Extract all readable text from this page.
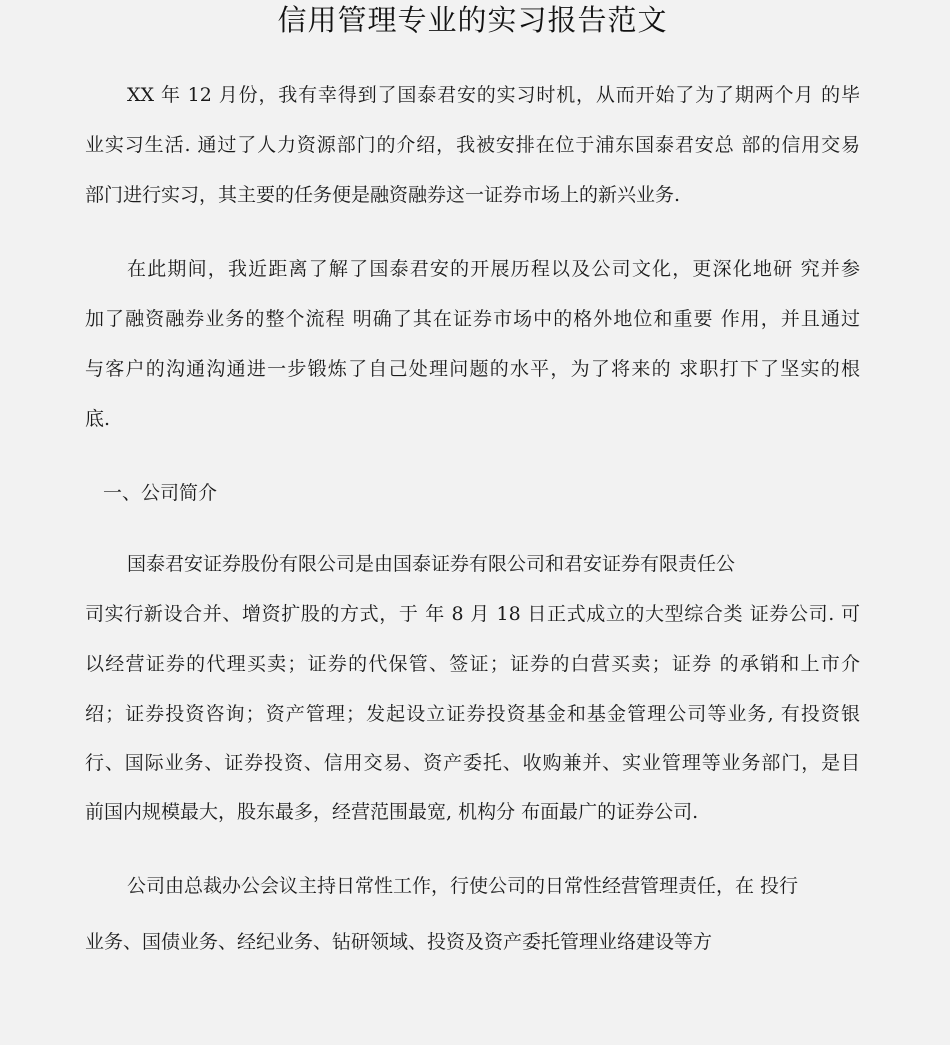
信用管理专业的实习报告范文
XX 年 12 月份，我有幸得到了国泰君安的实习时机，从而开始了为了期两个月 的毕
业实习生活. 通过了人力资源部门的介绍，我被安排在位于浦东国泰君安总 部的信用交易
部门进行实习，其主要的任务便是融资融券这一证券市场上的新兴业务.
在此期间，我近距离了解了国泰君安的开展历程以及公司文化，更深化地研 究并参
加了融资融券业务的整个流程 明确了其在证券市场中的格外地位和重要 作用，并且通过
与客户的沟通沟通进一步锻炼了自己处理问题的水平，为了将来的 求职打下了坚实的根
底.
一、公司简介
国泰君安证券股份有限公司是由国泰证券有限公司和君安证券有限责任公
司实行新设合并、增资扩股的方式，于 年 8 月 18 日正式成立的大型综合类 证券公司. 可
以经营证券的代理买卖；证券的代保管、签证；证券的白营买卖；证券 的承销和上市介
绍；证券投资咨询；资产管理；发起设立证券投资基金和基金管理公司等业务, 有投资银
行、国际业务、证券投资、信用交易、资产委托、收购兼并、实业管理等业务部门，是目
前国内规模最大，股东最多，经营范围最宽, 机构分 布面最广的证券公司.
公司由总裁办公会议主持日常性工作，行使公司的日常性经营管理责任，在 投行
业务、国债业务、经纪业务、钻研领域、投资及资产委托管理业络建设等方
